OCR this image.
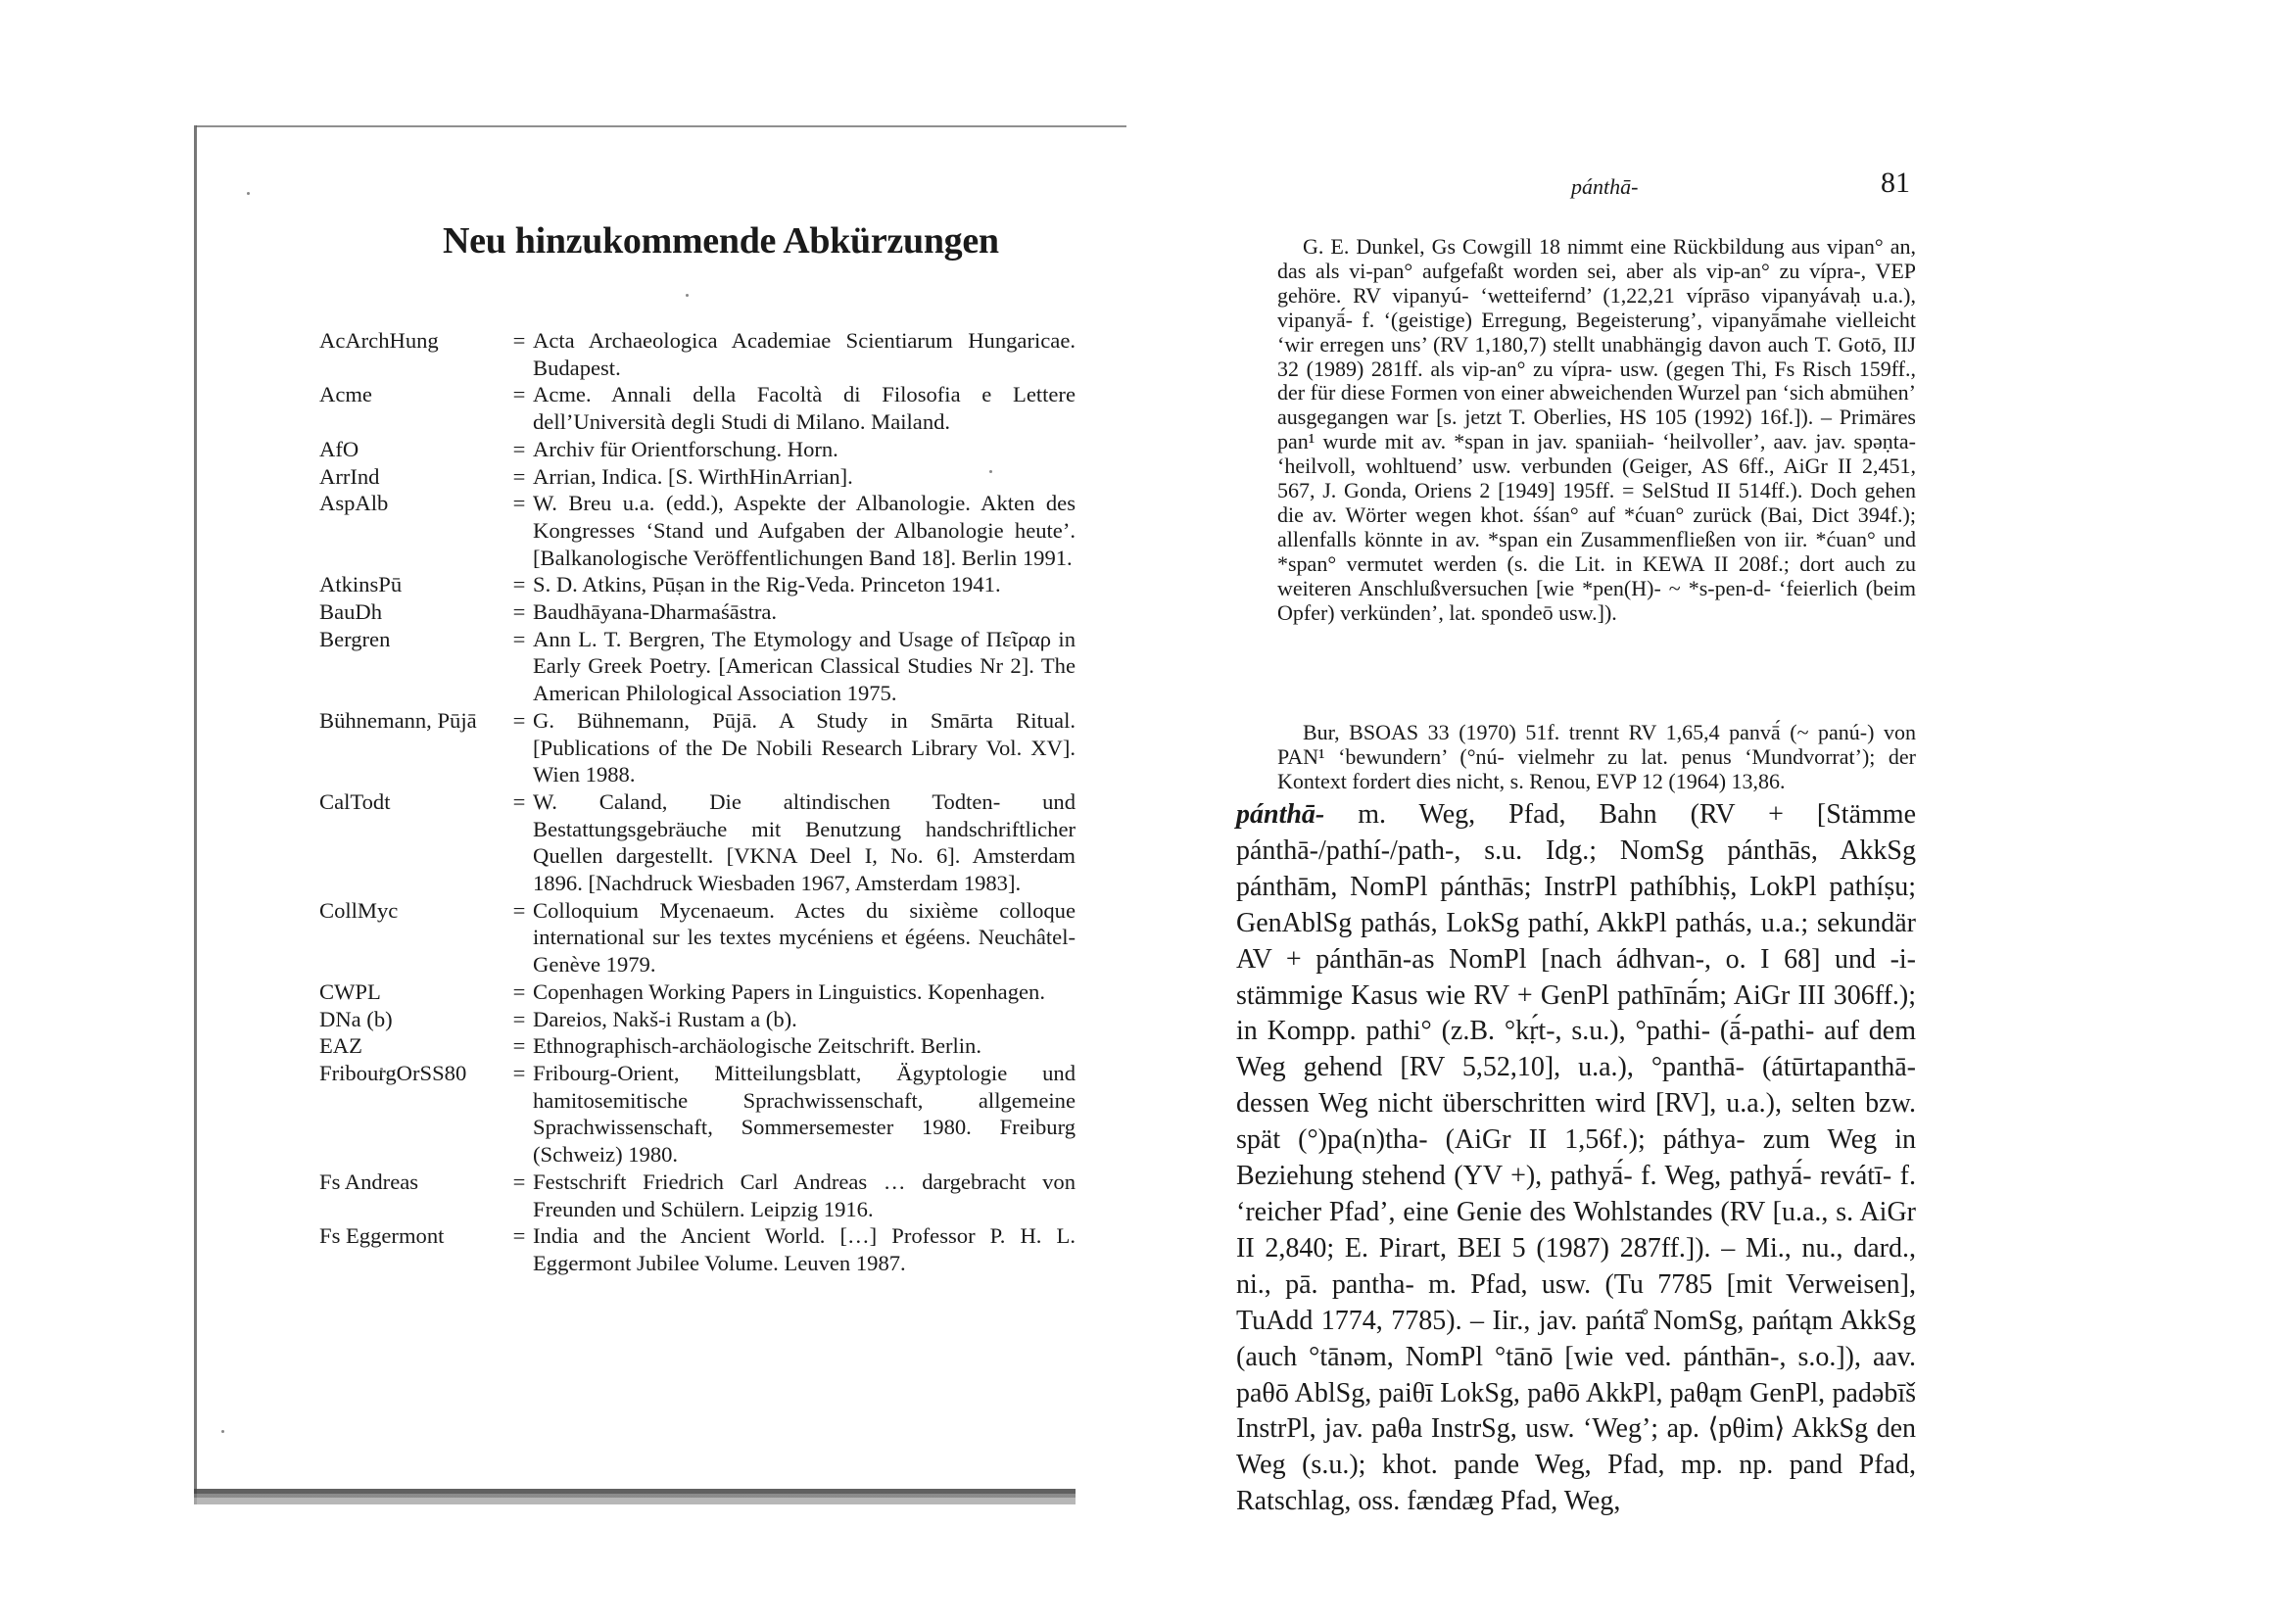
Neu hinzukommende Abkürzungen
AcArchHung	= Acta Archaeologica Academiae Scientiarum Hungaricae. Budapest.
Acme	= Acme. Annali della Facoltà di Filosofia e Lettere dell’Università degli Studi di Milano. Mailand.
AfO	= Archiv für Orientforschung. Horn.
ArrInd	= Arrian, Indica. [S. WirthHinArrian].
AspAlb	= W. Breu u.a. (edd.), Aspekte der Albanologie. Akten des Kongresses ‘Stand und Aufgaben der Albanologie heute’. [Balkanologische Veröffentlichungen Band 18]. Berlin 1991.
AtkinsPū	= S. D. Atkins, Pūṣan in the Rig-Veda. Princeton 1941.
BauDh	= Baudhāyana-Dharmaśāstra.
Bergren	= Ann L. T. Bergren, The Etymology and Usage of Πεῖραρ in Early Greek Poetry. [American Classical Studies Nr 2]. The American Philological Association 1975.
Bühnemann, Pūjā	= G. Bühnemann, Pūjā. A Study in Smārta Ritual. [Publications of the De Nobili Research Library Vol. XV]. Wien 1988.
CalTodt	= W. Caland, Die altindischen Todten- und Bestattungsgebräuche mit Benutzung handschriftlicher Quellen dargestellt. [VKNA Deel I, No. 6]. Amsterdam 1896. [Nachdruck Wiesbaden 1967, Amsterdam 1983].
CollMyc	= Colloquium Mycenaeum. Actes du sixième colloque international sur les textes mycéniens et égéens. Neuchâtel-Genève 1979.
CWPL	= Copenhagen Working Papers in Linguistics. Kopenhagen.
DNa (b)	= Dareios, Nakš-i Rustam a (b).
EAZ	= Ethnographisch-archäologische Zeitschrift. Berlin.
FribourgOrSS80	= Fribourg-Orient, Mitteilungsblatt, Ägyptologie und hamitosemitische Sprachwissenschaft, allgemeine Sprachwissenschaft, Sommersemester 1980. Freiburg (Schweiz) 1980.
Fs Andreas	= Festschrift Friedrich Carl Andreas … dargebracht von Freunden und Schülern. Leipzig 1916.
Fs Eggermont	= India and the Ancient World. […] Professor P. H. L. Eggermont Jubilee Volume. Leuven 1987.
pánthā-	81

G. E. Dunkel, Gs Cowgill 18 nimmt eine Rückbildung aus vipan° an, das als vi-pan° aufgefaßt worden sei, aber als vip-an° zu vípra-, VEP gehöre. RV vipanyú- ‘wetteifernd’ (1,22,21 víprāso vipanyávaḥ u.a.), vipanyā́- f. ‘(geistige) Erregung, Begeisterung’, vipanyā́mahe vielleicht ‘wir erregen uns’ (RV 1,180,7) stellt unabhängig davon auch T. Gotō, IIJ 32 (1989) 281ff. als vip-an° zu vípra- usw. (gegen Thi, Fs Risch 159ff., der für diese Formen von einer abweichenden Wurzel pan ‘sich abmühen’ ausgegangen war [s. jetzt T. Oberlies, HS 105 (1992) 16f.]). – Primäres pan¹ wurde mit av. *span in jav. spaniiah- ‘heilvoller’, aav. jav. spəṇta- ‘heilvoll, wohltuend’ usw. verbunden (Geiger, AS 6ff., AiGr II 2,451, 567, J. Gonda, Oriens 2 [1949] 195ff. = SelStud II 514ff.). Doch gehen die av. Wörter wegen khot. śśan° auf *ćuan° zurück (Bai, Dict 394f.); allenfalls könnte in av. *span ein Zusammenfließen von iir. *ćuan° und *span° vermutet werden (s. die Lit. in KEWA II 208f.; dort auch zu weiteren Anschlußversuchen [wie *pen(H)- ~ *s-pen-d- ‘feierlich (beim Opfer) verkünden’, lat. spondeō usw.]).

Bur, BSOAS 33 (1970) 51f. trennt RV 1,65,4 panvā́ (~ panú-) von PAN¹ ‘bewundern’ (°nú- vielmehr zu lat. penus ‘Mundvorrat’); der Kontext fordert dies nicht, s. Renou, EVP 12 (1964) 13,86.

pánthā- m. Weg, Pfad, Bahn (RV + [Stämme pánthā-/pathí-/path-, s.u. Idg.; NomSg pánthās, AkkSg pánthām, NomPl pánthās; InstrPl pathíbhiṣ, LokPl pathíṣu; GenAblSg pathás, LokSg pathí, AkkPl pathás, u.a.; sekundär AV + pánthān-as NomPl [nach ádhvan-, o. I 68] und -i-stämmige Kasus wie RV + GenPl pathīnā́m; AiGr III 306ff.); in Kompp. pathi° (z.B. °kṛ́t-, s.u.), °pathi- (ā́-pathi- auf dem Weg gehend [RV 5,52,10], u.a.), °panthā- (átūrtapanthā- dessen Weg nicht überschritten wird [RV], u.a.), selten bzw. spät (°)pa(n)tha- (AiGr II 1,56f.); páthya- zum Weg in Beziehung stehend (YV +), pathyā́- f. Weg, pathyā́- revátī- f. ‘reicher Pfad’, eine Genie des Wohlstandes (RV [u.a., s. AiGr II 2,840; E. Pirart, BEI 5 (1987) 287ff.]). – Mi., nu., dard., ni., pā. pantha- m. Pfad, usw. (Tu 7785 [mit Verweisen], TuAdd 1774, 7785). – Iir., jav. pańtā̊ NomSg, pańtąm AkkSg (auch °tānəm, NomPl °tānō [wie ved. pánthān-, s.o.]), aav. paθō AblSg, paiθī LokSg, paθō AkkPl, paθąm GenPl, padəbīš InstrPl, jav. paθa InstrSg, usw. ‘Weg’; ap. ⟨pθim⟩ AkkSg den Weg (s.u.); khot. pande Weg, Pfad, mp. np. pand Pfad, Ratschlag, oss. fændæg Pfad, Weg,
